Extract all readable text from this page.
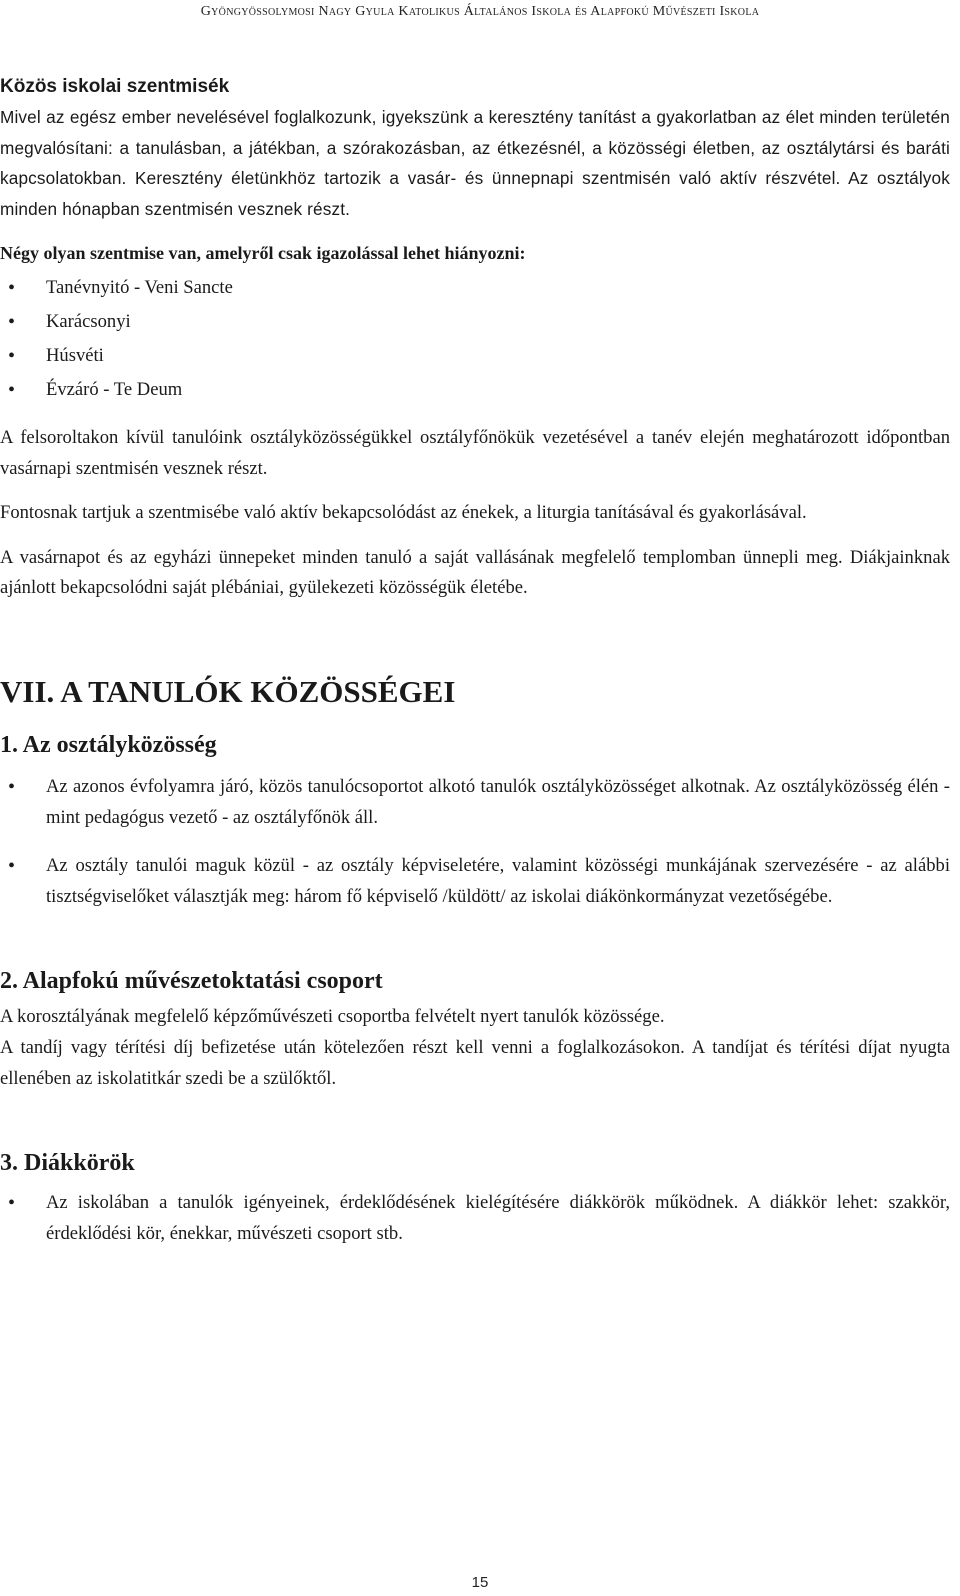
Gyöngyössolymosi Nagy Gyula Katolikus Általános Iskola és Alapfokú Művészeti Iskola

Közös iskolai szentmisék

Mivel az egész ember nevelésével foglalkozunk, igyekszünk a keresztény tanítást a gyakorlatban az élet minden területén megvalósítani: a tanulásban, a játékban, a szórakozásban, az étkezésnél, a közösségi életben, az osztálytársi és baráti kapcsolatokban. Keresztény életünkhöz tartozik a vasár- és ünnepnapi szentmisén való aktív részvétel. Az osztályok minden hónapban szentmisén vesznek részt.

Négy olyan szentmise van, amelyről csak igazolással lehet hiányozni:

• Tanévnyitó - Veni Sancte
• Karácsonyi
• Húsvéti
• Évzáró - Te Deum

A felsoroltakon kívül tanulóink osztályközösségükkel osztályfőnökük vezetésével a tanév elején meghatározott időpontban vasárnapi szentmisén vesznek részt.

Fontosnak tartjuk a szentmisébe való aktív bekapcsolódást az énekek, a liturgia tanításával és gyakorlásával.

A vasárnapot és az egyházi ünnepeket minden tanuló a saját vallásának megfelelő templomban ünnepli meg. Diákjainknak ajánlott bekapcsolódni saját plébániai, gyülekezeti közösségük életébe.

VII. A TANULÓK KÖZÖSSÉGEI

1. Az osztályközösség

• Az azonos évfolyamra járó, közös tanulócsoportot alkotó tanulók osztályközösséget alkotnak. Az osztályközösség élén - mint pedagógus vezető - az osztályfőnök áll.
• Az osztály tanulói maguk közül - az osztály képviseletére, valamint közösségi munkájának szervezésére - az alábbi tisztségviselőket választják meg: három fő képviselő /küldött/ az iskolai diákönkormányzat vezetőségébe.

2. Alapfokú művészetoktatási csoport

A korosztályának megfelelő képzőművészeti csoportba felvételt nyert tanulók közössége.

A tandíj vagy térítési díj befizetése után kötelezően részt kell venni a foglalkozásokon. A tandíjat és térítési díjat nyugta ellenében az iskolatitkár szedi be a szülőktől.

3. Diákkörök

• Az iskolában a tanulók igényeinek, érdeklődésének kielégítésére diákkörök működnek. A diákkör lehet: szakkör, érdeklődési kör, énekkar, művészeti csoport stb.
15
